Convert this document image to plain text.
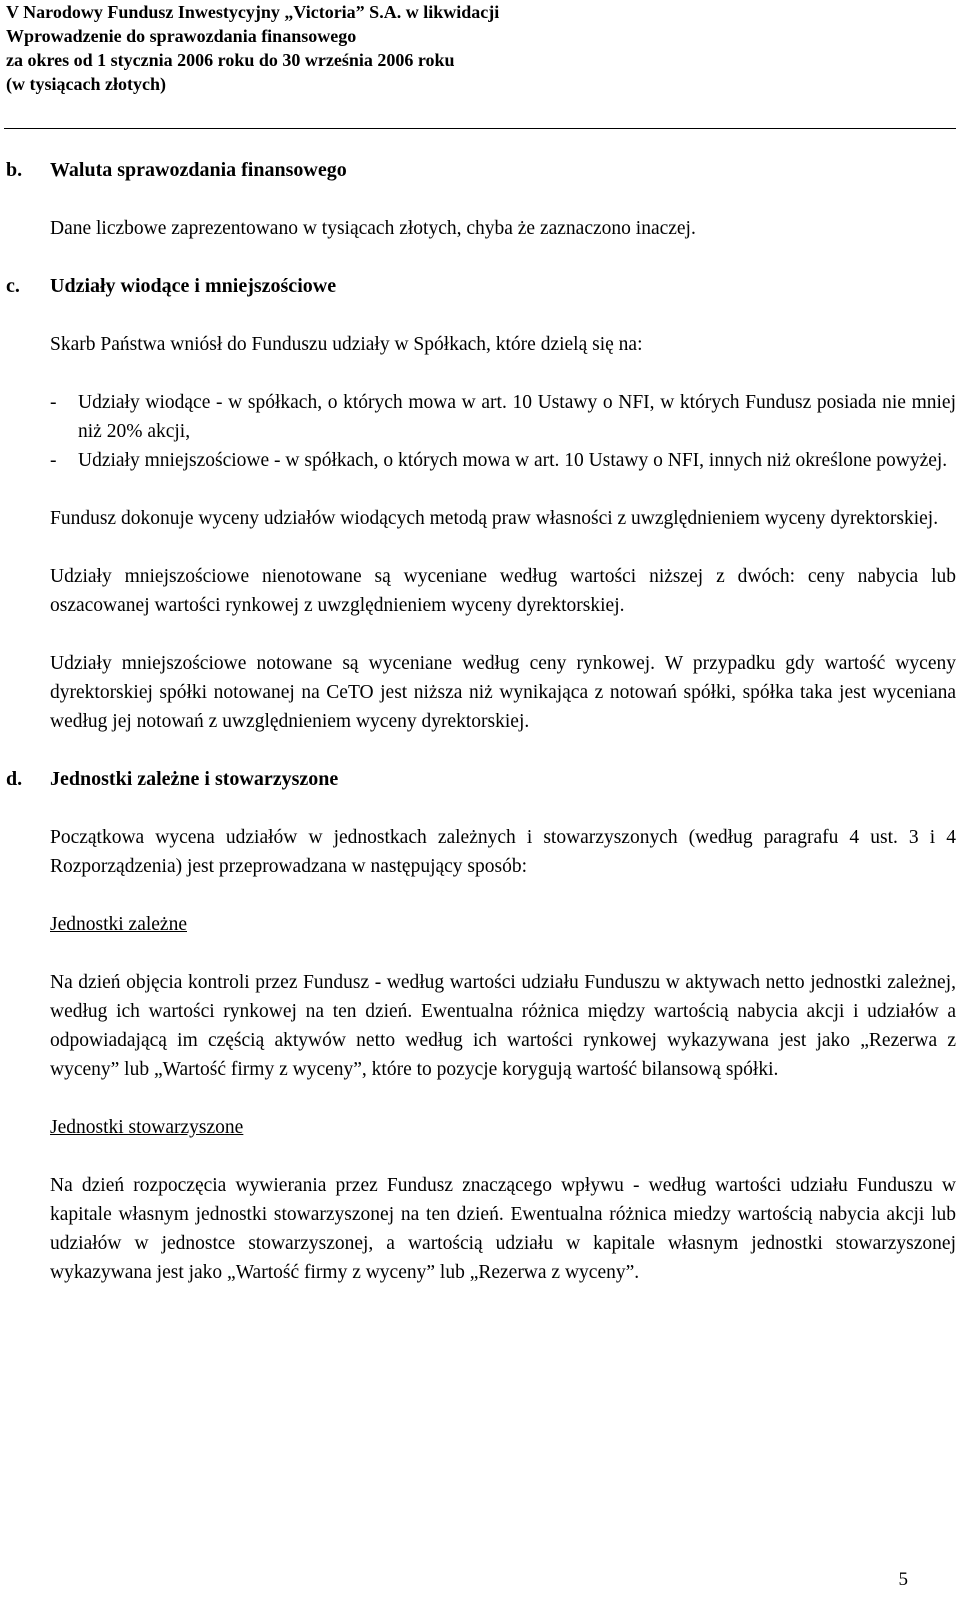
V Narodowy Fundusz Inwestycyjny „Victoria” S.A. w likwidacji
Wprowadzenie do sprawozdania finansowego
za okres od 1 stycznia 2006 roku do 30 września 2006 roku
(w tysiącach złotych)
b.	Waluta sprawozdania finansowego

Dane liczbowe zaprezentowano w tysiącach złotych, chyba że zaznaczono inaczej.

c.	Udziały wiodące i mniejszościowe

Skarb Państwa wniósł do Funduszu udziały w Spółkach, które dzielą się na:

-	Udziały wiodące - w spółkach, o których mowa w art. 10 Ustawy o NFI, w których Fundusz posiada nie mniej niż 20% akcji,
-	Udziały mniejszościowe - w spółkach, o których mowa w art. 10 Ustawy o NFI, innych niż określone powyżej.

Fundusz dokonuje wyceny udziałów wiodących metodą praw własności z uwzględnieniem wyceny dyrektorskiej.

Udziały mniejszościowe nienotowane są wyceniane według wartości niższej z dwóch: ceny nabycia lub oszacowanej wartości rynkowej z uwzględnieniem wyceny dyrektorskiej.

Udziały mniejszościowe notowane są wyceniane według ceny rynkowej. W przypadku gdy wartość wyceny dyrektorskiej spółki notowanej na CeTO jest niższa niż wynikająca z notowań spółki, spółka taka jest wyceniana według jej notowań z uwzględnieniem wyceny dyrektorskiej.

d.	Jednostki zależne i stowarzyszone

Początkowa wycena udziałów w jednostkach zależnych i stowarzyszonych (według paragrafu 4 ust. 3 i 4 Rozporządzenia) jest przeprowadzana w następujący sposób:

Jednostki zależne

Na dzień objęcia kontroli przez Fundusz - według wartości udziału Funduszu w aktywach netto jednostki zależnej, według ich wartości rynkowej na ten dzień. Ewentualna różnica między wartością nabycia akcji i udziałów a odpowiadającą im częścią aktywów netto według ich wartości rynkowej wykazywana jest jako „Rezerwa z wyceny” lub „Wartość firmy z wyceny”, które to pozycje korygują wartość bilansową spółki.

Jednostki stowarzyszone

Na dzień rozpoczęcia wywierania przez Fundusz znaczącego wpływu - według wartości udziału Funduszu w kapitale własnym jednostki stowarzyszonej na ten dzień. Ewentualna różnica miedzy wartością nabycia akcji lub udziałów w jednostce stowarzyszonej, a wartością udziału w kapitale własnym jednostki stowarzyszonej wykazywana jest jako „Wartość firmy z wyceny” lub „Rezerwa z wyceny”.

5
